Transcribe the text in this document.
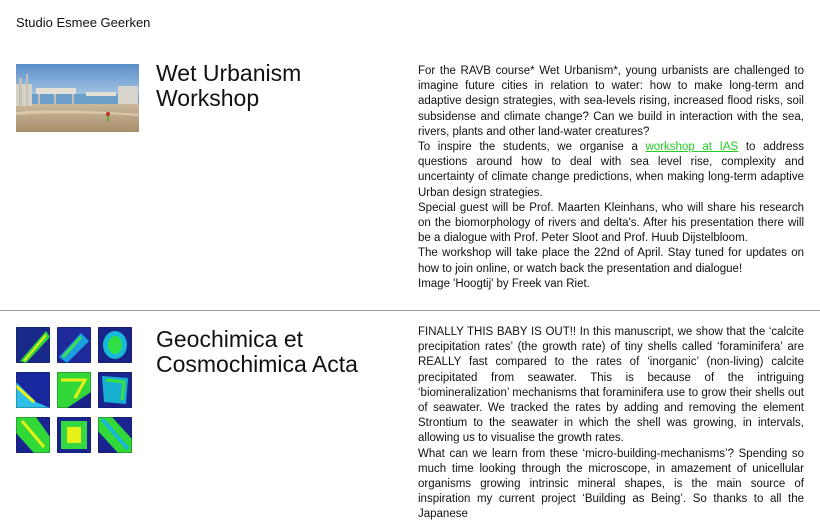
Studio Esmee Geerken
Wet Urbanism
Workshop

For the RAVB course* Wet Urbanism*, young urbanists are challenged to imagine future cities in relation to water: how to make long-term and adaptive design strategies, with sea-levels rising, increased flood risks, soil subsidense and climate change? Can we build in interaction with the sea, rivers, plants and other land-water creatures?

To inspire the students, we organise a workshop at IAS to address questions around how to deal with sea level rise, complexity and uncertainty of climate change predictions, when making long-term adaptive Urban design strategies.

Special guest will be Prof. Maarten Kleinhans, who will share his research on the biomorphology of rivers and delta's. After his presentation there will be a dialogue with Prof. Peter Sloot and Prof. Huub Dijstelbloom.

The workshop will take place the 22nd of April. Stay tuned for updates on how to join online, or watch back the presentation and dialogue!

Image 'Hoogtij' by Freek van Riet.

Geochimica et
Cosmochimica Acta

FINALLY THIS BABY IS OUT!! In this manuscript, we show that the ‘calcite precipitation rates’ (the growth rate) of tiny shells called ‘foraminifera’ are REALLY fast compared to the rates of ‘inorganic’ (non-living) calcite precipitated from seawater. This is because of the intriguing ‘biomineralization’ mechanisms that foraminifera use to grow their shells out of seawater. We tracked the rates by adding and removing the element Strontium to the seawater in which the shell was growing, in intervals, allowing us to visualise the growth rates.

What can we learn from these ‘micro-building-mechanisms’? Spending so much time looking through the microscope, in amazement of unicellular organisms growing intrinsic mineral shapes, is the main source of inspiration my current project ‘Building as Being’. So thanks to all the Japanese
